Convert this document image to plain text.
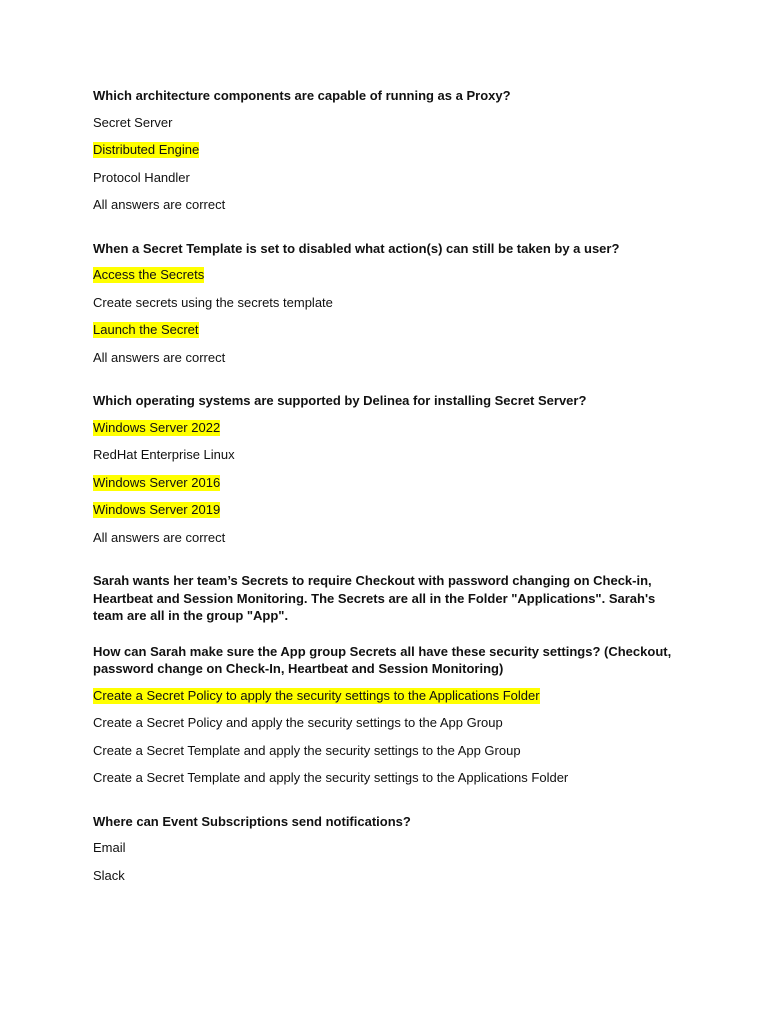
Which architecture components are capable of running as a Proxy?

Secret Server

Distributed Engine

Protocol Handler

All answers are correct

When a Secret Template is set to disabled what action(s) can still be taken by a user?

Access the Secrets

Create secrets using the secrets template

Launch the Secret

All answers are correct

Which operating systems are supported by Delinea for installing Secret Server?

Windows Server 2022

RedHat Enterprise Linux

Windows Server 2016

Windows Server 2019

All answers are correct

Sarah wants her team’s Secrets to require Checkout with password changing on Check-in, Heartbeat and Session Monitoring. The Secrets are all in the Folder "Applications". Sarah's team are all in the group "App".

How can Sarah make sure the App group Secrets all have these security settings? (Checkout, password change on Check-In, Heartbeat and Session Monitoring)

Create a Secret Policy to apply the security settings to the Applications Folder

Create a Secret Policy and apply the security settings to the App Group

Create a Secret Template and apply the security settings to the App Group

Create a Secret Template and apply the security settings to the Applications Folder

Where can Event Subscriptions send notifications?

Email

Slack
